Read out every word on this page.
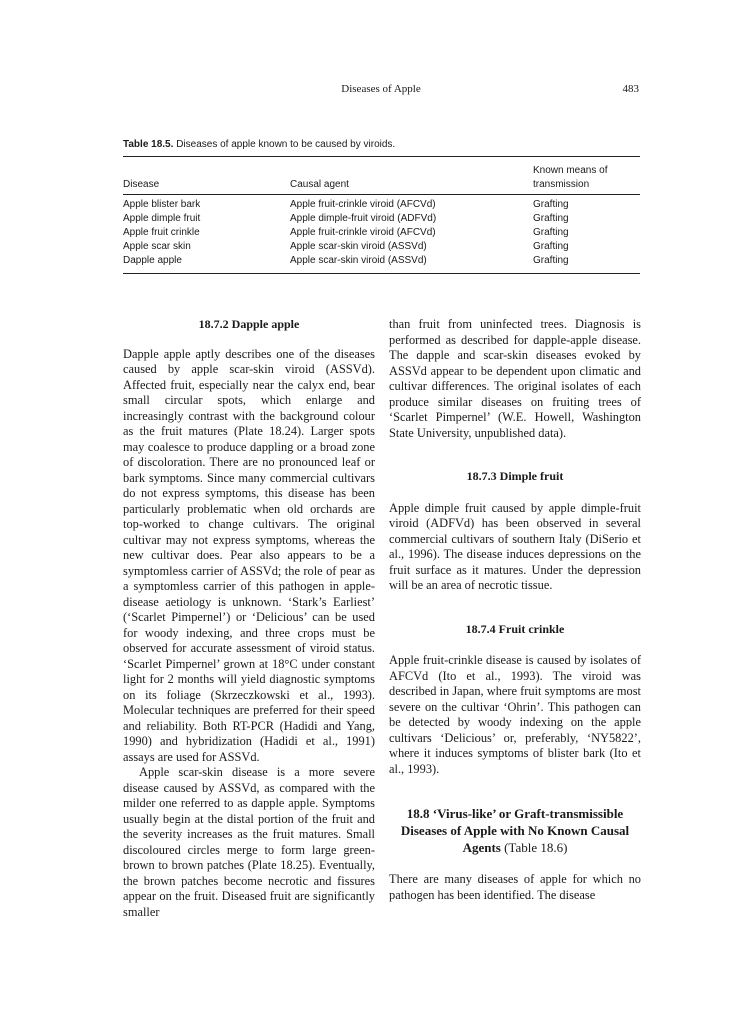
Diseases of Apple	483
Table 18.5. Diseases of apple known to be caused by viroids.
Disease	Causal agent
Known means of
transmission
Apple blister bark	Apple fruit-crinkle viroid (AFCVd)	Grafting
Apple dimple fruit	Apple dimple-fruit viroid (ADFVd)	Grafting
Apple fruit crinkle	Apple fruit-crinkle viroid (AFCVd)	Grafting
Apple scar skin	Apple scar-skin viroid (ASSVd)	Grafting
Dapple apple	Apple scar-skin viroid (ASSVd)	Grafting
18.7.2 Dapple apple

Dapple apple aptly describes one of the diseases caused by apple scar-skin viroid (ASSVd). Affected fruit, especially near the calyx end, bear small circular spots, which enlarge and increasingly contrast with the background colour as the fruit matures (Plate 18.24). Larger spots may coalesce to produce dappling or a broad zone of discoloration. There are no pronounced leaf or bark symptoms. Since many commercial cultivars do not express symptoms, this disease has been particularly problematic when old orchards are top-worked to change cultivars. The original cultivar may not express symptoms, whereas the new cultivar does. Pear also appears to be a symptomless carrier of ASSVd; the role of pear as a symptomless carrier of this pathogen in apple-disease aetiology is unknown. ‘Stark’s Earliest’ (‘Scarlet Pimpernel’) or ‘Delicious’ can be used for woody indexing, and three crops must be observed for accurate assessment of viroid status. ‘Scarlet Pimpernel’ grown at 18°C under constant light for 2 months will yield diagnostic symptoms on its foliage (Skrzeczkowski et al., 1993). Molecular techniques are preferred for their speed and reliability. Both RT-PCR (Hadidi and Yang, 1990) and hybridization (Hadidi et al., 1991) assays are used for ASSVd.

Apple scar-skin disease is a more severe disease caused by ASSVd, as compared with the milder one referred to as dapple apple. Symptoms usually begin at the distal portion of the fruit and the severity increases as the fruit matures. Small discoloured circles merge to form large green-brown to brown patches (Plate 18.25). Eventually, the brown patches become necrotic and fissures appear on the fruit. Diseased fruit are significantly smaller

than fruit from uninfected trees. Diagnosis is performed as described for dapple-apple disease. The dapple and scar-skin diseases evoked by ASSVd appear to be dependent upon climatic and cultivar differences. The original isolates of each produce similar diseases on fruiting trees of ‘Scarlet Pimpernel’ (W.E. Howell, Washington State University, unpublished data).

18.7.3 Dimple fruit

Apple dimple fruit caused by apple dimple-fruit viroid (ADFVd) has been observed in several commercial cultivars of southern Italy (DiSerio et al., 1996). The disease induces depressions on the fruit surface as it matures. Under the depression will be an area of necrotic tissue.

18.7.4 Fruit crinkle

Apple fruit-crinkle disease is caused by isolates of AFCVd (Ito et al., 1993). The viroid was described in Japan, where fruit symptoms are most severe on the cultivar ‘Ohrin’. This pathogen can be detected by woody indexing on the apple cultivars ‘Delicious’ or, preferably, ‘NY5822’, where it induces symptoms of blister bark (Ito et al., 1993).

18.8 ‘Virus-like’ or Graft-transmissible Diseases of Apple with No Known Causal Agents (Table 18.6)

There are many diseases of apple for which no pathogen has been identified. The disease
